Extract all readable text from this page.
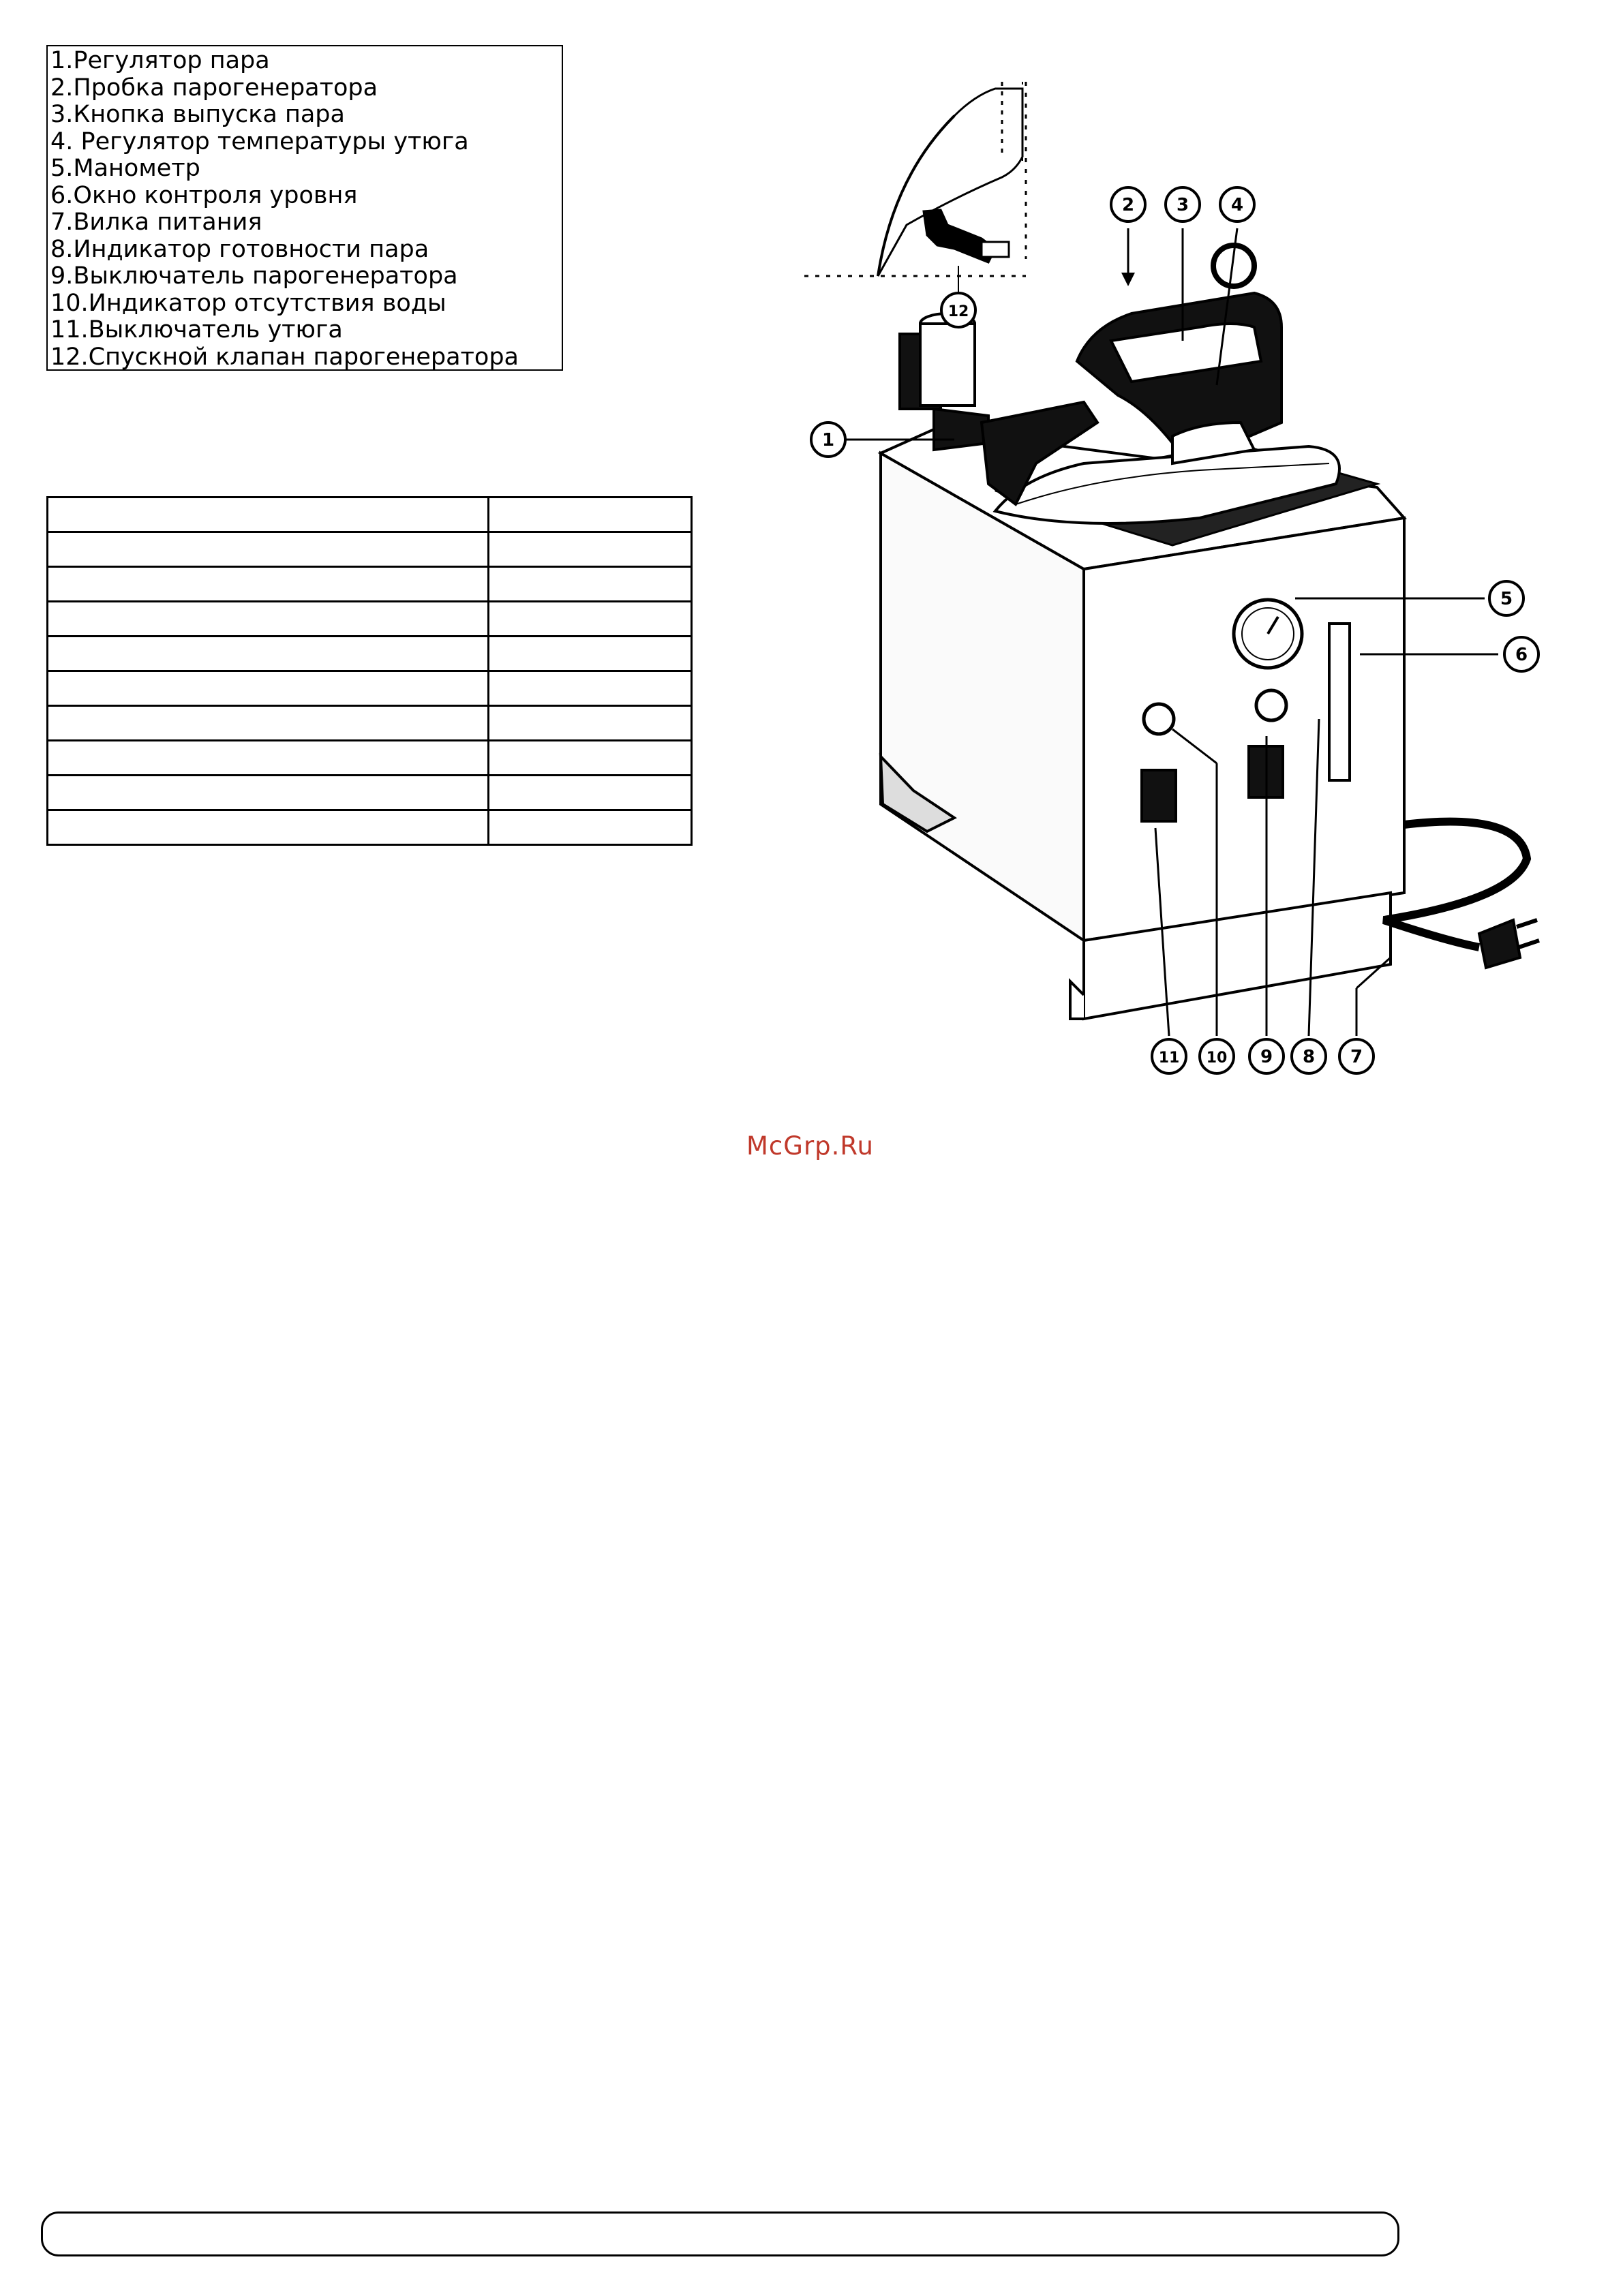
1.Регулятор пара
2.Пробка парогенератора
3.Кнопка выпуска пара
4. Регулятор температуры утюга
5.Манометр
6.Окно контроля уровня
7.Вилка питания
8.Индикатор готовности пара
9.Выключатель парогенератора
10.Индикатор отсутствия воды
11.Выключатель утюга
12.Спускной клапан парогенератора

1
2 3 4
5
6
7
8
9
10
11
12
McGrp.Ru
